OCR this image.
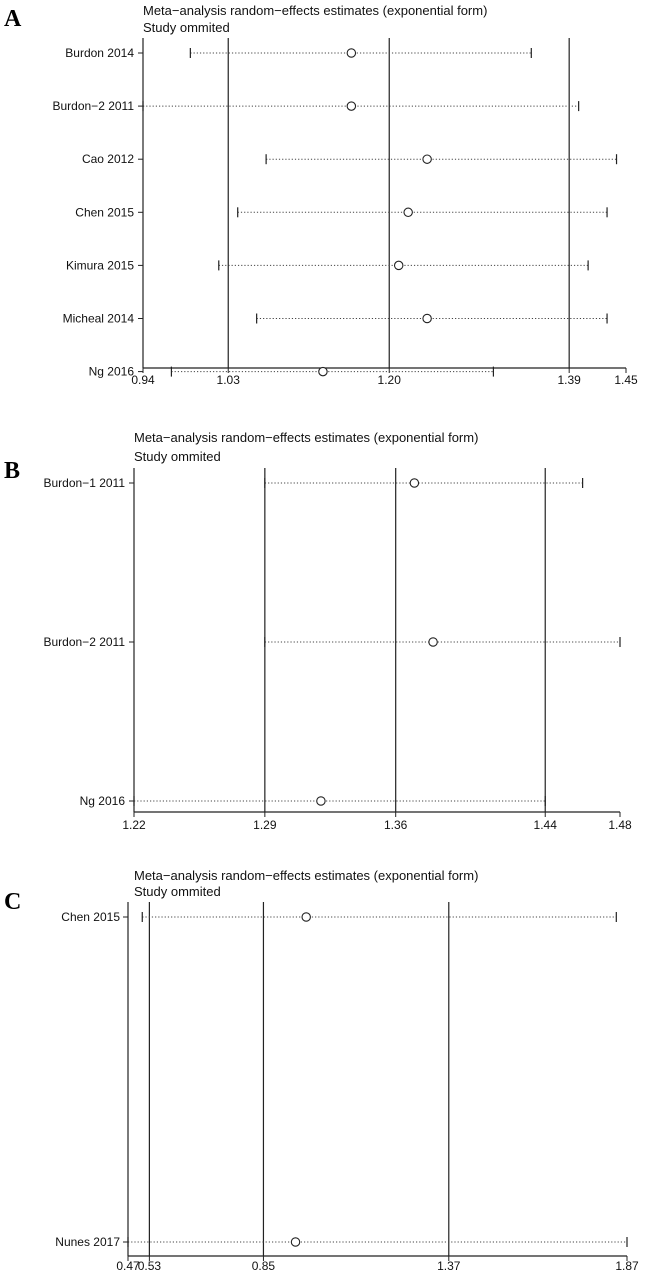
A	Meta−analysis random−effects estimates (exponential form)
Study ommited
0.94	1.03	1.20	1.39	1.45
Burdon 2014
Burdon−2 2011
Cao 2012
Chen 2015
Kimura 2015
Micheal 2014
Ng 2016
B
Meta−analysis random−effects estimates (exponential form)
Study ommited
1.22	1.29	1.36	1.44	1.48
Burdon−1 2011
Burdon−2 2011
Ng 2016
C
Meta−analysis random−effects estimates (exponential form)
Study ommited
0.47
0.53	0.85	1.37	1.87
Chen 2015
Nunes 2017
